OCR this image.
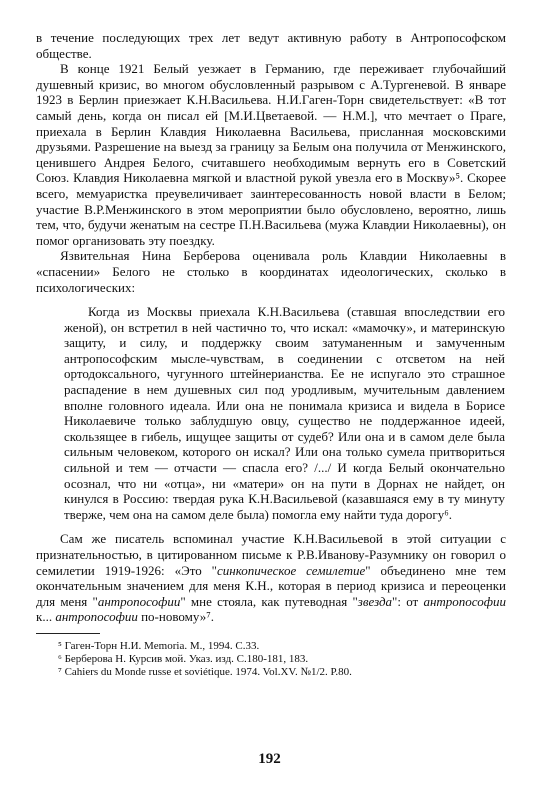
в течение последующих трех лет ведут активную работу в Антропософском обществе.

В конце 1921 Белый уезжает в Германию, где переживает глубочайший душевный кризис, во многом обусловленный разрывом с А.Тургеневой. В январе 1923 в Берлин приезжает К.Н.Васильева. Н.И.Гаген-Торн свидетельствует: «В тот самый день, когда он писал ей [М.И.Цветаевой. — Н.М.], что мечтает о Праге, приехала в Берлин Клавдия Николаевна Васильева, присланная московскими друзьями. Разрешение на выезд за границу за Белым она получила от Менжинского, ценившего Андрея Белого, считавшего необходимым вернуть его в Советский Союз. Клавдия Николаевна мягкой и властной рукой увезла его в Москву»⁵. Скорее всего, мемуаристка преувеличивает заинтересованность новой власти в Белом; участие В.Р.Менжинского в этом мероприятии было обусловлено, вероятно, лишь тем, что, будучи женатым на сестре П.Н.Васильева (мужа Клавдии Николаевны), он помог организовать эту поездку.

Язвительная Нина Берберова оценивала роль Клавдии Николаевны в «спасении» Белого не столько в координатах идеологических, сколько в психологических:

Когда из Москвы приехала К.Н.Васильева (ставшая впоследствии его женой), он встретил в ней частично то, что искал: «мамочку», и материнскую защиту, и силу, и поддержку своим затуманенным и замученным антропософским мысле-чувствам, в соединении с отсветом на ней ортодоксального, чугунного штейнерианства. Ее не испугало это страшное распадение в нем душевных сил под уродливым, мучительным давлением вполне головного идеала. Или она не понимала кризиса и видела в Борисе Николаевиче только заблудшую овцу, существо не поддержанное идеей, скользящее в гибель, ищущее защиты от судеб? Или она и в самом деле была сильным человеком, которого он искал? Или она только сумела притвориться сильной и тем — отчасти — спасла его? /.../ И когда Белый окончательно осознал, что ни «отца», ни «матери» он на пути в Дорнах не найдет, он кинулся в Россию: твердая рука К.Н.Васильевой (казавшаяся ему в ту минуту тверже, чем она на самом деле была) помогла ему найти туда дорогу⁶.

Сам же писатель вспоминал участие К.Н.Васильевой в этой ситуации с признательностью, в цитированном письме к Р.В.Иванову-Разумнику он говорил о семилетии 1919-1926: «Это "синкопическое семилетие" объединено мне тем окончательным значением для меня К.Н., которая в период кризиса и переоценки для меня "антропософии" мне стояла, как путеводная "звезда": от антропософии к... антропософии по-новому»⁷.

⁵ Гаген-Торн Н.И. Memoria. М., 1994. С.33.

⁶ Берберова Н. Курсив мой. Указ. изд. С.180-181, 183.

⁷ Cahiers du Monde russe et soviétique. 1974. Vol.XV. №1/2. P.80.

192
